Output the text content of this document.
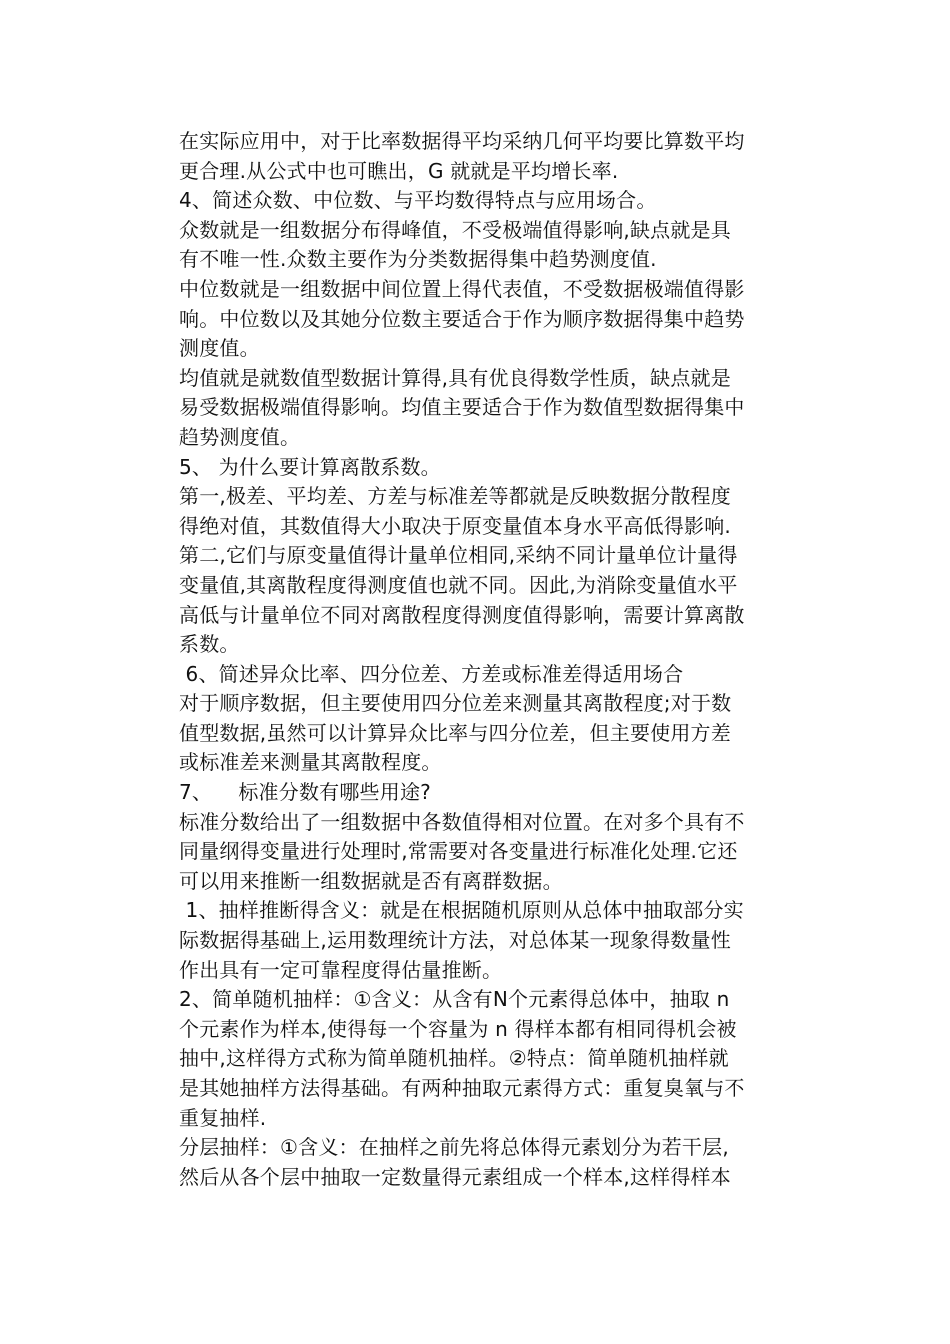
在实际应用中，对于比率数据得平均采纳几何平均要比算数平均

更合理.从公式中也可瞧出，G 就就是平均增长率.

4、简述众数、中位数、与平均数得特点与应用场合。

众数就是一组数据分布得峰值，不受极端值得影响,缺点就是具

有不唯一性.众数主要作为分类数据得集中趋势测度值.

中位数就是一组数据中间位置上得代表值，不受数据极端值得影

响。中位数以及其她分位数主要适合于作为顺序数据得集中趋势

测度值。

均值就是就数值型数据计算得,具有优良得数学性质，缺点就是

易受数据极端值得影响。均值主要适合于作为数值型数据得集中

趋势测度值。

5、 为什么要计算离散系数。

第一,极差、平均差、方差与标准差等都就是反映数据分散程度

得绝对值，其数值得大小取决于原变量值本身水平高低得影响.

第二,它们与原变量值得计量单位相同,采纳不同计量单位计量得

变量值,其离散程度得测度值也就不同。因此,为消除变量值水平

高低与计量单位不同对离散程度得测度值得影响，需要计算离散

系数。

6、简述异众比率、四分位差、方差或标准差得适用场合

对于顺序数据，但主要使用四分位差来测量其离散程度;对于数

值型数据,虽然可以计算异众比率与四分位差，但主要使用方差

或标准差来测量其离散程度。

7、    标准分数有哪些用途?

标准分数给出了一组数据中各数值得相对位置。在对多个具有不

同量纲得变量进行处理时,常需要对各变量进行标准化处理.它还

可以用来推断一组数据就是否有离群数据。

1、抽样推断得含义：就是在根据随机原则从总体中抽取部分实

际数据得基础上,运用数理统计方法，对总体某一现象得数量性

作出具有一定可靠程度得估量推断。

2、简单随机抽样：①含义：从含有N个元素得总体中，抽取 n

个元素作为样本,使得每一个容量为 n 得样本都有相同得机会被

抽中,这样得方式称为简单随机抽样。②特点：简单随机抽样就

是其她抽样方法得基础。有两种抽取元素得方式：重复臭氧与不

重复抽样.

分层抽样：①含义：在抽样之前先将总体得元素划分为若干层,

然后从各个层中抽取一定数量得元素组成一个样本,这样得样本
